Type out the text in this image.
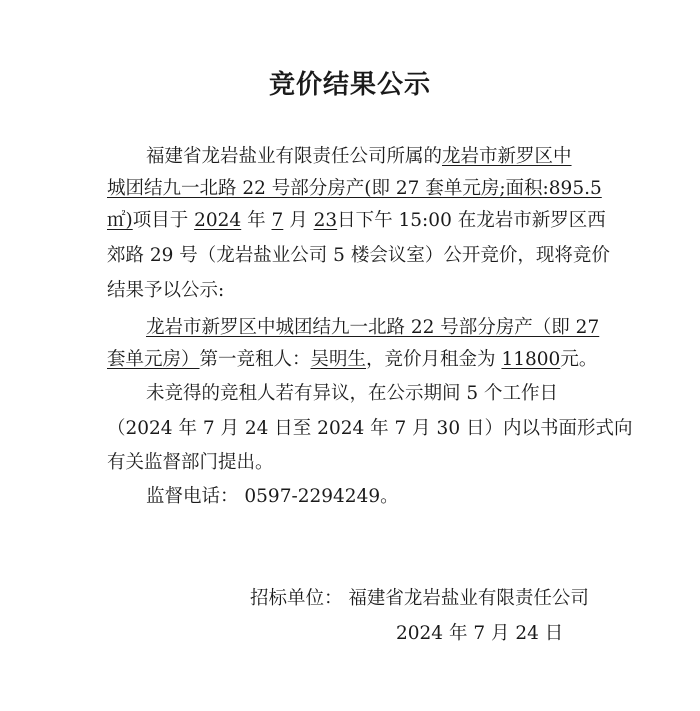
竞价结果公示
福建省龙岩盐业有限责任公司所属的龙岩市新罗区中
城团结九一北路 22 号部分房产(即 27 套单元房;面积:895.5
㎡)项目于 2024 年 7 月 23日下午 15:00 在龙岩市新罗区西
郊路 29 号（龙岩盐业公司 5 楼会议室）公开竞价，现将竞价
结果予以公示:
龙岩市新罗区中城团结九一北路 22 号部分房产（即 27
套单元房）第一竞租人：吴明生，竞价月租金为 11800元。
未竞得的竞租人若有异议，在公示期间 5 个工作日
（2024 年 7 月 24 日至 2024 年 7 月 30 日）内以书面形式向
有关监督部门提出。
监督电话： 0597-2294249。
招标单位： 福建省龙岩盐业有限责任公司
2024 年 7 月 24 日
